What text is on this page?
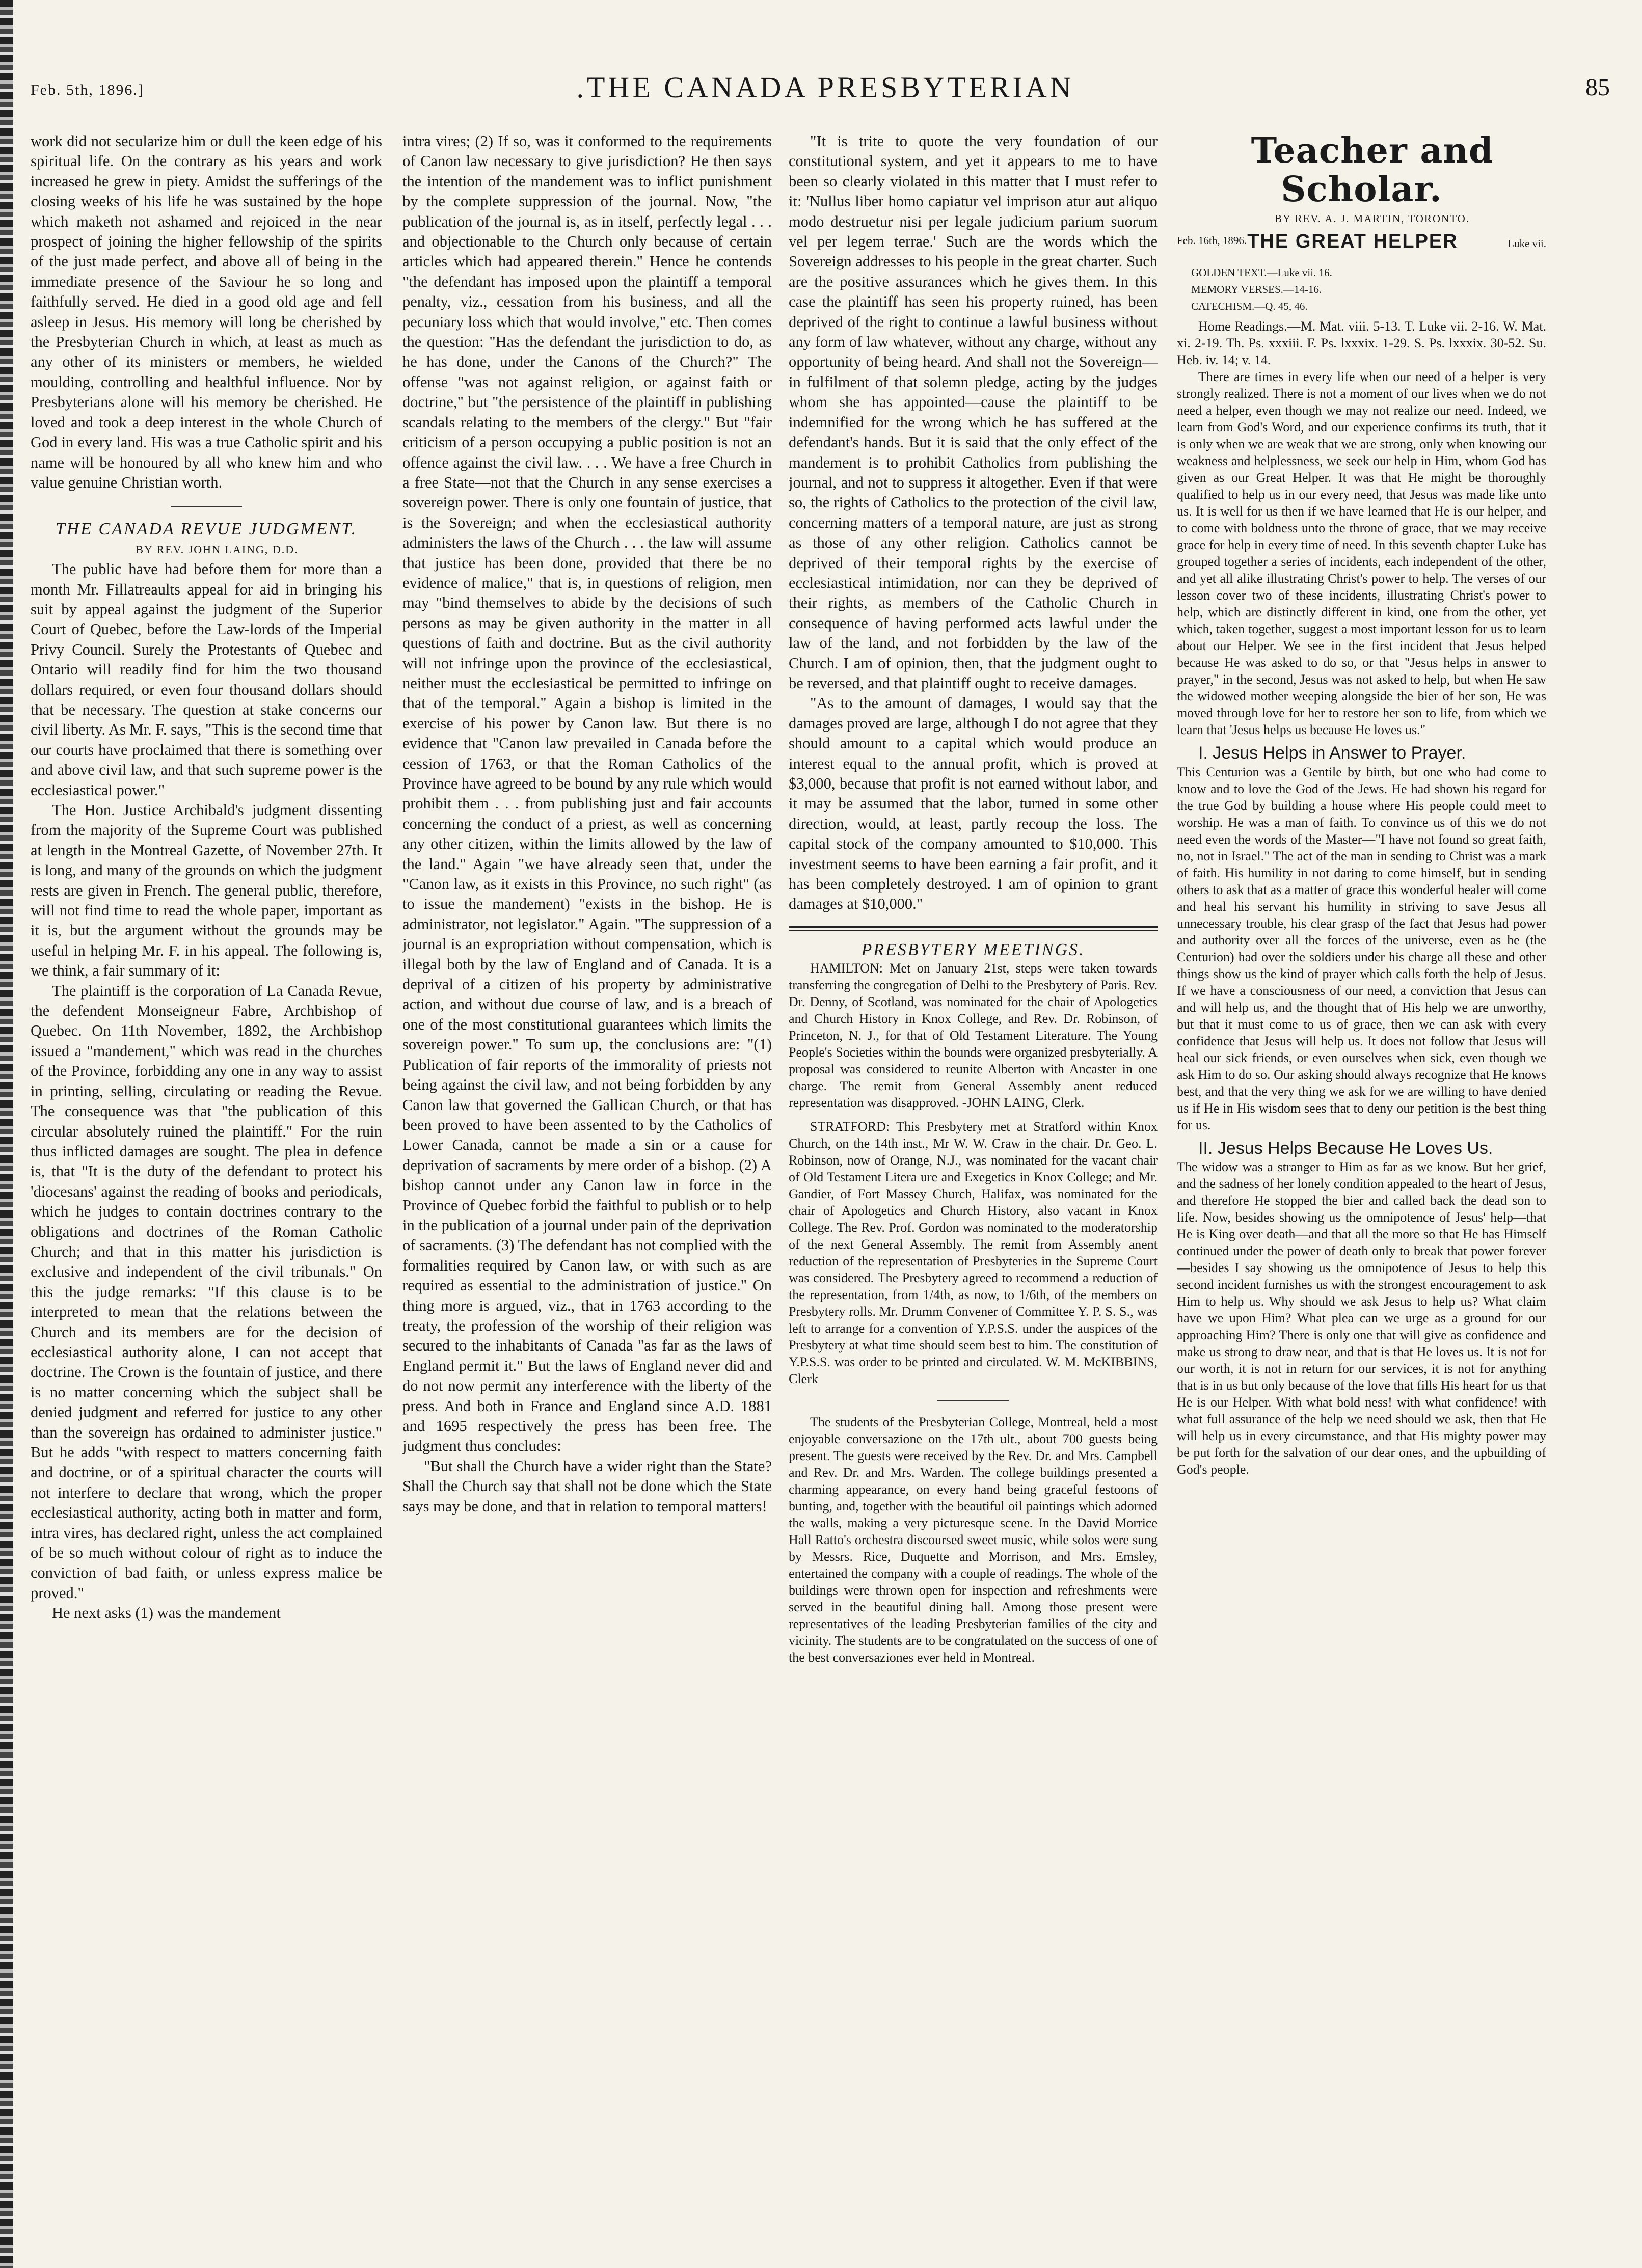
Feb. 5th, 1896.]	.THE CANADA PRESBYTERIAN	85

work did not secularize him or dull the keen edge of his spiritual life. On the contrary as his years and work increased he grew in piety. Amidst the sufferings of the closing weeks of his life he was sustained by the hope which maketh not ashamed and rejoiced in the near prospect of joining the higher fellowship of the spirits of the just made perfect, and above all of being in the immediate presence of the Saviour he so long and faithfully served. He died in a good old age and fell asleep in Jesus. His memory will long be cherished by the Presbyterian Church in which, at least as much as any other of its ministers or members, he wielded moulding, controlling and healthful influence. Nor by Presbyterians alone will his memory be cherished. He loved and took a deep interest in the whole Church of God in every land. His was a true Catholic spirit and his name will be honoured by all who knew him and who value genuine Christian worth.

THE CANADA REVUE JUDGMENT.

BY REV. JOHN LAING, D.D.

The public have had before them for more than a month Mr. Fillatreaults appeal for aid in bringing his suit by appeal against the judgment of the Superior Court of Quebec, before the Law-lords of the Imperial Privy Council. Surely the Protestants of Quebec and Ontario will readily find for him the two thousand dollars required, or even four thousand dollars should that be necessary. The question at stake concerns our civil liberty. As Mr. F. says, "This is the second time that our courts have proclaimed that there is something over and above civil law, and that such supreme power is the ecclesiastical power."

The Hon. Justice Archibald's judgment dissenting from the majority of the Supreme Court was published at length in the Montreal Gazette, of November 27th. It is long, and many of the grounds on which the judgment rests are given in French. The general public, therefore, will not find time to read the whole paper, important as it is, but the argument without the grounds may be useful in helping Mr. F. in his appeal. The following is, we think, a fair summary of it:

The plaintiff is the corporation of La Canada Revue, the defendent Monseigneur Fabre, Archbishop of Quebec. On 11th November, 1892, the Archbishop issued a "mandement," which was read in the churches of the Province, forbidding any one in any way to assist in printing, selling, circulating or reading the Revue. The consequence was that "the publication of this circular absolutely ruined the plaintiff." For the ruin thus inflicted damages are sought. The plea in defence is, that "It is the duty of the defendant to protect his 'diocesans' against the reading of books and periodicals, which he judges to contain doctrines contrary to the obligations and doctrines of the Roman Catholic Church; and that in this matter his jurisdiction is exclusive and independent of the civil tribunals." On this the judge remarks: "If this clause is to be interpreted to mean that the relations between the Church and its members are for the decision of ecclesiastical authority alone, I can not accept that doctrine. The Crown is the fountain of justice, and there is no matter concerning which the subject shall be denied judgment and referred for justice to any other than the sovereign has ordained to administer justice." But he adds "with respect to matters concerning faith and doctrine, or of a spiritual character the courts will not interfere to declare that wrong, which the proper ecclesiastical authority, acting both in matter and form, intra vires, has declared right, unless the act complained of be so much without colour of right as to induce the conviction of bad faith, or unless express malice be proved."

He next asks (1) was the mandement

intra vires; (2) If so, was it conformed to the requirements of Canon law necessary to give jurisdiction? He then says the intention of the mandement was to inflict punishment by the complete suppression of the journal. Now, "the publication of the journal is, as in itself, perfectly legal . . . and objectionable to the Church only because of certain articles which had appeared therein." Hence he contends "the defendant has imposed upon the plaintiff a temporal penalty, viz., cessation from his business, and all the pecuniary loss which that would involve," etc. Then comes the question: "Has the defendant the jurisdiction to do, as he has done, under the Canons of the Church?" The offense "was not against religion, or against faith or doctrine," but "the persistence of the plaintiff in publishing scandals relating to the members of the clergy." But "fair criticism of a person occupying a public position is not an offence against the civil law. . . . We have a free Church in a free State—not that the Church in any sense exercises a sovereign power. There is only one fountain of justice, that is the Sovereign; and when the ecclesiastical authority administers the laws of the Church . . . the law will assume that justice has been done, provided that there be no evidence of malice," that is, in questions of religion, men may "bind themselves to abide by the decisions of such persons as may be given authority in the matter in all questions of faith and doctrine. But as the civil authority will not infringe upon the province of the ecclesiastical, neither must the ecclesiastical be permitted to infringe on that of the temporal." Again a bishop is limited in the exercise of his power by Canon law. But there is no evidence that "Canon law prevailed in Canada before the cession of 1763, or that the Roman Catholics of the Province have agreed to be bound by any rule which would prohibit them . . . from publishing just and fair accounts concerning the conduct of a priest, as well as concerning any other citizen, within the limits allowed by the law of the land." Again "we have already seen that, under the "Canon law, as it exists in this Province, no such right" (as to issue the mandement) "exists in the bishop. He is administrator, not legislator." Again. "The suppression of a journal is an expropriation without compensation, which is illegal both by the law of England and of Canada. It is a deprival of a citizen of his property by administrative action, and without due course of law, and is a breach of one of the most constitutional guarantees which limits the sovereign power." To sum up, the conclusions are: "(1) Publication of fair reports of the immorality of priests not being against the civil law, and not being forbidden by any Canon law that governed the Gallican Church, or that has been proved to have been assented to by the Catholics of Lower Canada, cannot be made a sin or a cause for deprivation of sacraments by mere order of a bishop. (2) A bishop cannot under any Canon law in force in the Province of Quebec forbid the faithful to publish or to help in the publication of a journal under pain of the deprivation of sacraments. (3) The defendant has not complied with the formalities required by Canon law, or with such as are required as essential to the administration of justice." On thing more is argued, viz., that in 1763 according to the treaty, the profession of the worship of their religion was secured to the inhabitants of Canada "as far as the laws of England permit it." But the laws of England never did and do not now permit any interference with the liberty of the press. And both in France and England since A.D. 1881 and 1695 respectively the press has been free. The judgment thus concludes:

"But shall the Church have a wider right than the State? Shall the Church say that shall not be done which the State says may be done, and that in relation to temporal matters!

"It is trite to quote the very foundation of our constitutional system, and yet it appears to me to have been so clearly violated in this matter that I must refer to it: 'Nullus liber homo capiatur vel imprison atur aut aliquo modo destruetur nisi per legale judicium parium suorum vel per legem terrae.' Such are the words which the Sovereign addresses to his people in the great charter. Such are the positive assurances which he gives them. In this case the plaintiff has seen his property ruined, has been deprived of the right to continue a lawful business without any form of law whatever, without any charge, without any opportunity of being heard. And shall not the Sovereign—in fulfilment of that solemn pledge, acting by the judges whom she has appointed—cause the plaintiff to be indemnified for the wrong which he has suffered at the defendant's hands. But it is said that the only effect of the mandement is to prohibit Catholics from publishing the journal, and not to suppress it altogether. Even if that were so, the rights of Catholics to the protection of the civil law, concerning matters of a temporal nature, are just as strong as those of any other religion. Catholics cannot be deprived of their temporal rights by the exercise of ecclesiastical intimidation, nor can they be deprived of their rights, as members of the Catholic Church in consequence of having performed acts lawful under the law of the land, and not forbidden by the law of the Church. I am of opinion, then, that the judgment ought to be reversed, and that plaintiff ought to receive damages.

"As to the amount of damages, I would say that the damages proved are large, although I do not agree that they should amount to a capital which would produce an interest equal to the annual profit, which is proved at $3,000, because that profit is not earned without labor, and it may be assumed that the labor, turned in some other direction, would, at least, partly recoup the loss. The capital stock of the company amounted to $10,000. This investment seems to have been earning a fair profit, and it has been completely destroyed. I am of opinion to grant damages at $10,000."

PRESBYTERY MEETINGS.

HAMILTON: Met on January 21st, steps were taken towards transferring the congregation of Delhi to the Presbytery of Paris. Rev. Dr. Denny, of Scotland, was nominated for the chair of Apologetics and Church History in Knox College, and Rev. Dr. Robinson, of Princeton, N. J., for that of Old Testament Literature. The Young People's Societies within the bounds were organized presbyterially. A proposal was considered to reunite Alberton with Ancaster in one charge. The remit from General Assembly anent reduced representation was disapproved. -JOHN LAING, Clerk.

STRATFORD: This Presbytery met at Stratford within Knox Church, on the 14th inst., Mr W. W. Craw in the chair. Dr. Geo. L. Robinson, now of Orange, N.J., was nominated for the vacant chair of Old Testament Litera ure and Exegetics in Knox College; and Mr. Gandier, of Fort Massey Church, Halifax, was nominated for the chair of Apologetics and Church History, also vacant in Knox College. The Rev. Prof. Gordon was nominated to the moderatorship of the next General Assembly. The remit from Assembly anent reduction of the representation of Presbyteries in the Supreme Court was considered. The Presbytery agreed to recommend a reduction of the representation, from 1/4th, as now, to 1/6th, of the members on Presbytery rolls. Mr. Drumm Convener of Committee Y. P. S. S., was left to arrange for a convention of Y.P.S.S. under the auspices of the Presbytery at what time should seem best to him. The constitution of Y.P.S.S. was order to be printed and circulated. W. M. McKIBBINS, Clerk

The students of the Presbyterian College, Montreal, held a most enjoyable conversazione on the 17th ult., about 700 guests being present. The guests were received by the Rev. Dr. and Mrs. Campbell and Rev. Dr. and Mrs. Warden. The college buildings presented a charming appearance, on every hand being graceful festoons of bunting, and, together with the beautiful oil paintings which adorned the walls, making a very picturesque scene. In the David Morrice Hall Ratto's orchestra discoursed sweet music, while solos were sung by Messrs. Rice, Duquette and Morrison, and Mrs. Emsley, entertained the company with a couple of readings. The whole of the buildings were thrown open for inspection and refreshments were served in the beautiful dining hall. Among those present were representatives of the leading Presbyterian families of the city and vicinity. The students are to be congratulated on the success of one of the best conversaziones ever held in Montreal.

Teacher and Scholar.

BY REV. A. J. MARTIN, TORONTO.

Feb. 16th, 1896. THE GREAT HELPER	Luke vii.
GOLDEN TEXT.—Luke vii. 16.
MEMORY VERSES.—14-16.
CATECHISM.—Q. 45, 46.

Home Readings.—M. Mat. viii. 5-13. T. Luke vii. 2-16. W. Mat. xi. 2-19. Th. Ps. xxxiii. F. Ps. lxxxix. 1-29. S. Ps. lxxxix. 30-52. Su. Heb. iv. 14; v. 14.

There are times in every life when our need of a helper is very strongly realized. There is not a moment of our lives when we do not need a helper, even though we may not realize our need. Indeed, we learn from God's Word, and our experience confirms its truth, that it is only when we are weak that we are strong, only when knowing our weakness and helplessness, we seek our help in Him, whom God has given as our Great Helper. It was that He might be thoroughly qualified to help us in our every need, that Jesus was made like unto us. It is well for us then if we have learned that He is our helper, and to come with boldness unto the throne of grace, that we may receive grace for help in every time of need. In this seventh chapter Luke has grouped together a series of incidents, each independent of the other, and yet all alike illustrating Christ's power to help. The verses of our lesson cover two of these incidents, illustrating Christ's power to help, which are distinctly different in kind, one from the other, yet which, taken together, suggest a most important lesson for us to learn about our Helper. We see in the first incident that Jesus helped because He was asked to do so, or that "Jesus helps in answer to prayer," in the second, Jesus was not asked to help, but when He saw the widowed mother weeping alongside the bier of her son, He was moved through love for her to restore her son to life, from which we learn that 'Jesus helps us because He loves us."

I. Jesus Helps in Answer to Prayer.

This Centurion was a Gentile by birth, but one who had come to know and to love the God of the Jews. He had shown his regard for the true God by building a house where His people could meet to worship. He was a man of faith. To convince us of this we do not need even the words of the Master—"I have not found so great faith, no, not in Israel." The act of the man in sending to Christ was a mark of faith. His humility in not daring to come himself, but in sending others to ask that as a matter of grace this wonderful healer will come and heal his servant his humility in striving to save Jesus all unnecessary trouble, his clear grasp of the fact that Jesus had power and authority over all the forces of the universe, even as he (the Centurion) had over the soldiers under his charge all these and other things show us the kind of prayer which calls forth the help of Jesus. If we have a consciousness of our need, a conviction that Jesus can and will help us, and the thought that of His help we are unworthy, but that it must come to us of grace, then we can ask with every confidence that Jesus will help us. It does not follow that Jesus will heal our sick friends, or even ourselves when sick, even though we ask Him to do so. Our asking should always recognize that He knows best, and that the very thing we ask for we are willing to have denied us if He in His wisdom sees that to deny our petition is the best thing for us.

II. Jesus Helps Because He Loves Us.

The widow was a stranger to Him as far as we know. But her grief, and the sadness of her lonely condition appealed to the heart of Jesus, and therefore He stopped the bier and called back the dead son to life. Now, besides showing us the omnipotence of Jesus' help—that He is King over death—and that all the more so that He has Himself continued under the power of death only to break that power forever—besides I say showing us the omnipotence of Jesus to help this second incident furnishes us with the strongest encouragement to ask Him to help us. Why should we ask Jesus to help us? What claim have we upon Him? What plea can we urge as a ground for our approaching Him? There is only one that will give as confidence and make us strong to draw near, and that is that He loves us. It is not for our worth, it is not in return for our services, it is not for anything that is in us but only because of the love that fills His heart for us that He is our Helper. With what bold ness! with what confidence! with what full assurance of the help we need should we ask, then that He will help us in every circumstance, and that His mighty power may be put forth for the salvation of our dear ones, and the upbuilding of God's people.
